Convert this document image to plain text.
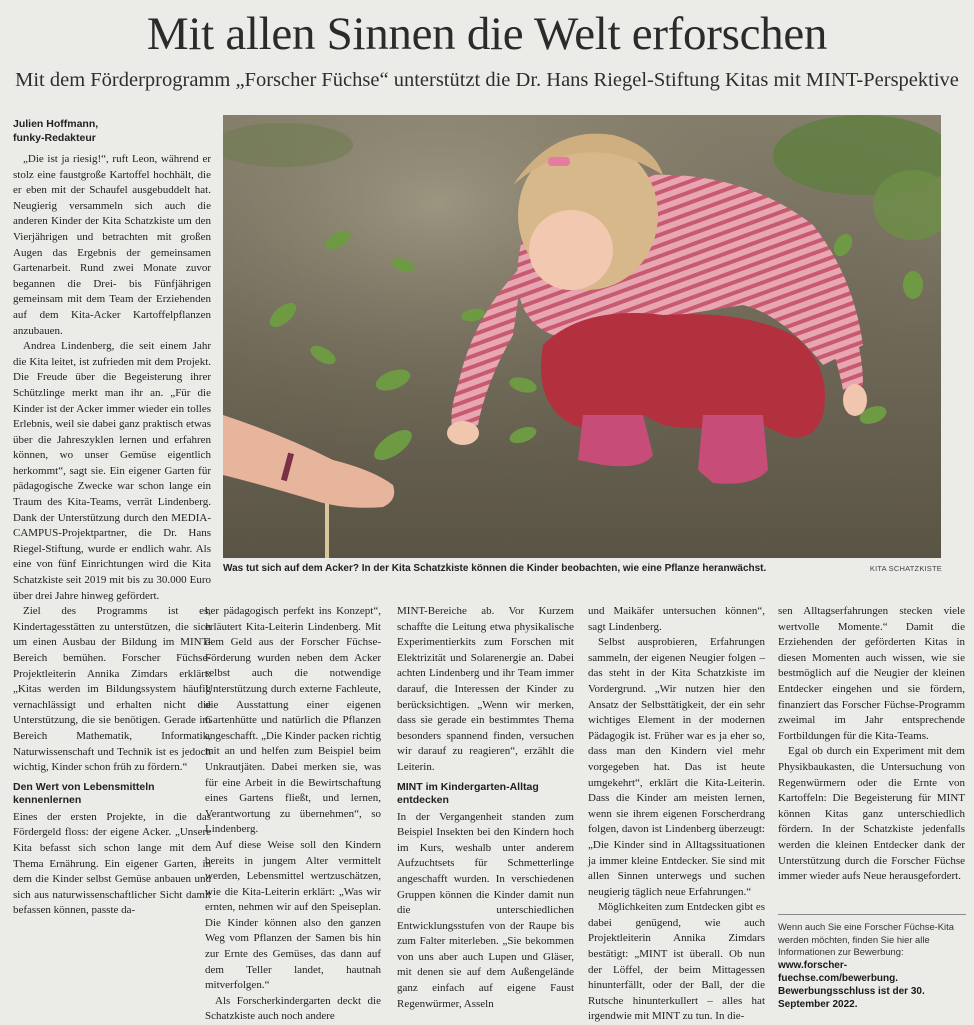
Mit allen Sinnen die Welt erforschen
Mit dem Förderprogramm „Forscher Füchse“ unterstützt die Dr. Hans Riegel-Stiftung Kitas mit MINT-Perspektive
Julien Hoffmann,
funky-Redakteur

„Die ist ja riesig!“, ruft Leon, während er stolz eine faustgroße Kartoffel hochhält, die er eben mit der Schaufel ausgebuddelt hat. Neugierig versammeln sich auch die anderen Kinder der Kita Schatzkiste um den Vierjährigen und betrachten mit großen Augen das Ergebnis der gemeinsamen Gartenarbeit. Rund zwei Monate zuvor begannen die Drei- bis Fünfjährigen gemeinsam mit dem Team der Erziehenden auf dem Kita-Acker Kartoffelpflanzen anzubauen.

Andrea Lindenberg, die seit einem Jahr die Kita leitet, ist zufrieden mit dem Projekt. Die Freude über die Begeisterung ihrer Schützlinge merkt man ihr an. „Für die Kinder ist der Acker immer wieder ein tolles Erlebnis, weil sie dabei ganz praktisch etwas über die Jahreszyklen lernen und erfahren können, wo unser Gemüse eigentlich herkommt“, sagt sie. Ein eigener Garten für pädagogische Zwecke war schon lange ein Traum des Kita-Teams, verrät Lindenberg. Dank der Unterstützung durch den MEDIA-CAMPUS-Projektpartner, die Dr. Hans Riegel-Stiftung, wurde er endlich wahr. Als eine von fünf Einrichtungen wird die Kita Schatzkiste seit 2019 mit bis zu 30.000 Euro über drei Jahre hinweg gefördert.

Ziel des Programms ist es, Kindertagesstätten zu unterstützen, die sich um einen Ausbau der Bildung im MINT-Bereich bemühen. Forscher Füchse-Projektleiterin Annika Zimdars erklärt: „Kitas werden im Bildungssystem häufig vernachlässigt und erhalten nicht die Unterstützung, die sie benötigen. Gerade im Bereich Mathematik, Informatik, Naturwissenschaft und Technik ist es jedoch wichtig, Kinder schon früh zu fördern.“

Den Wert von Lebensmitteln kennenlernen

Eines der ersten Projekte, in die das Fördergeld floss: der eigene Acker. „Unsere Kita befasst sich schon lange mit dem Thema Ernährung. Ein eigener Garten, in dem die Kinder selbst Gemüse anbauen und sich aus naturwissenschaftlicher Sicht damit befassen können, passte da-

Was tut sich auf dem Acker? In der Kita Schatzkiste können die Kinder beobachten, wie eine Pflanze heranwächst.	KITA SCHATZKISTE

her pädagogisch perfekt ins Konzept“, erläutert Kita-Leiterin Lindenberg. Mit dem Geld aus der Forscher Füchse-Förderung wurden neben dem Acker selbst auch die notwendige Unterstützung durch externe Fachleute, die Ausstattung einer eigenen Gartenhütte und natürlich die Pflanzen angeschafft. „Die Kinder packen richtig mit an und helfen zum Beispiel beim Unkrautjäten. Dabei merken sie, was für eine Arbeit in die Bewirtschaftung eines Gartens fließt, und lernen, Verantwortung zu übernehmen“, so Lindenberg.

Auf diese Weise soll den Kindern bereits in jungem Alter vermittelt werden, Lebensmittel wertzuschätzen, wie die Kita-Leiterin erklärt: „Was wir ernten, nehmen wir auf den Speiseplan. Die Kinder können also den ganzen Weg vom Pflanzen der Samen bis hin zur Ernte des Gemüses, das dann auf dem Teller landet, hautnah mitverfolgen.“

Als Forscherkindergarten deckt die Schatzkiste auch noch andere

MINT-Bereiche ab. Vor Kurzem schaffte die Leitung etwa physikalische Experimentierkits zum Forschen mit Elektrizität und Solarenergie an. Dabei achten Lindenberg und ihr Team immer darauf, die Interessen der Kinder zu berücksichtigen. „Wenn wir merken, dass sie gerade ein bestimmtes Thema besonders spannend finden, versuchen wir darauf zu reagieren“, erzählt die Leiterin.

MINT im Kindergarten-Alltag entdecken

In der Vergangenheit standen zum Beispiel Insekten bei den Kindern hoch im Kurs, weshalb unter anderem Aufzuchtsets für Schmetterlinge angeschafft wurden. In verschiedenen Gruppen können die Kinder damit nun die unterschiedlichen Entwicklungsstufen von der Raupe bis zum Falter miterleben. „Sie bekommen von uns aber auch Lupen und Gläser, mit denen sie auf dem Außengelände ganz einfach auf eigene Faust Regenwürmer, Asseln

und Maikäfer untersuchen können“, sagt Lindenberg.

Selbst ausprobieren, Erfahrungen sammeln, der eigenen Neugier folgen – das steht in der Kita Schatzkiste im Vordergrund. „Wir nutzen hier den Ansatz der Selbsttätigkeit, der ein sehr wichtiges Element in der modernen Pädagogik ist. Früher war es ja eher so, dass man den Kindern viel mehr vorgegeben hat. Das ist heute umgekehrt“, erklärt die Kita-Leiterin. Dass die Kinder am meisten lernen, wenn sie ihrem eigenen Forscherdrang folgen, davon ist Lindenberg überzeugt: „Die Kinder sind in Alltagssituationen ja immer kleine Entdecker. Sie sind mit allen Sinnen unterwegs und suchen neugierig täglich neue Erfahrungen.“

Möglichkeiten zum Entdecken gibt es dabei genügend, wie auch Projektleiterin Annika Zimdars bestätigt: „MINT ist überall. Ob nun der Löffel, der beim Mittagessen hinunterfällt, oder der Ball, der die Rutsche hinunterkullert – alles hat irgendwie mit MINT zu tun. In die-

sen Alltagserfahrungen stecken viele wertvolle Momente.“ Damit die Erziehenden der geförderten Kitas in diesen Momenten auch wissen, wie sie bestmöglich auf die Neugier der kleinen Entdecker eingehen und sie fördern, finanziert das Forscher Füchse-Programm zweimal im Jahr entsprechende Fortbildungen für die Kita-Teams.

Egal ob durch ein Experiment mit dem Physikbaukasten, die Untersuchung von Regenwürmern oder die Ernte von Kartoffeln: Die Begeisterung für MINT können Kitas ganz unterschiedlich fördern. In der Schatzkiste jedenfalls werden die kleinen Entdecker dank der Unterstützung durch die Forscher Füchse immer wieder aufs Neue herausgefordert.

Wenn auch Sie eine Forscher Füchse-Kita werden möchten, finden Sie hier alle Informationen zur Bewerbung:

www.forscher-fuechse.com/bewerbung. Bewerbungsschluss ist der 30. September 2022.
